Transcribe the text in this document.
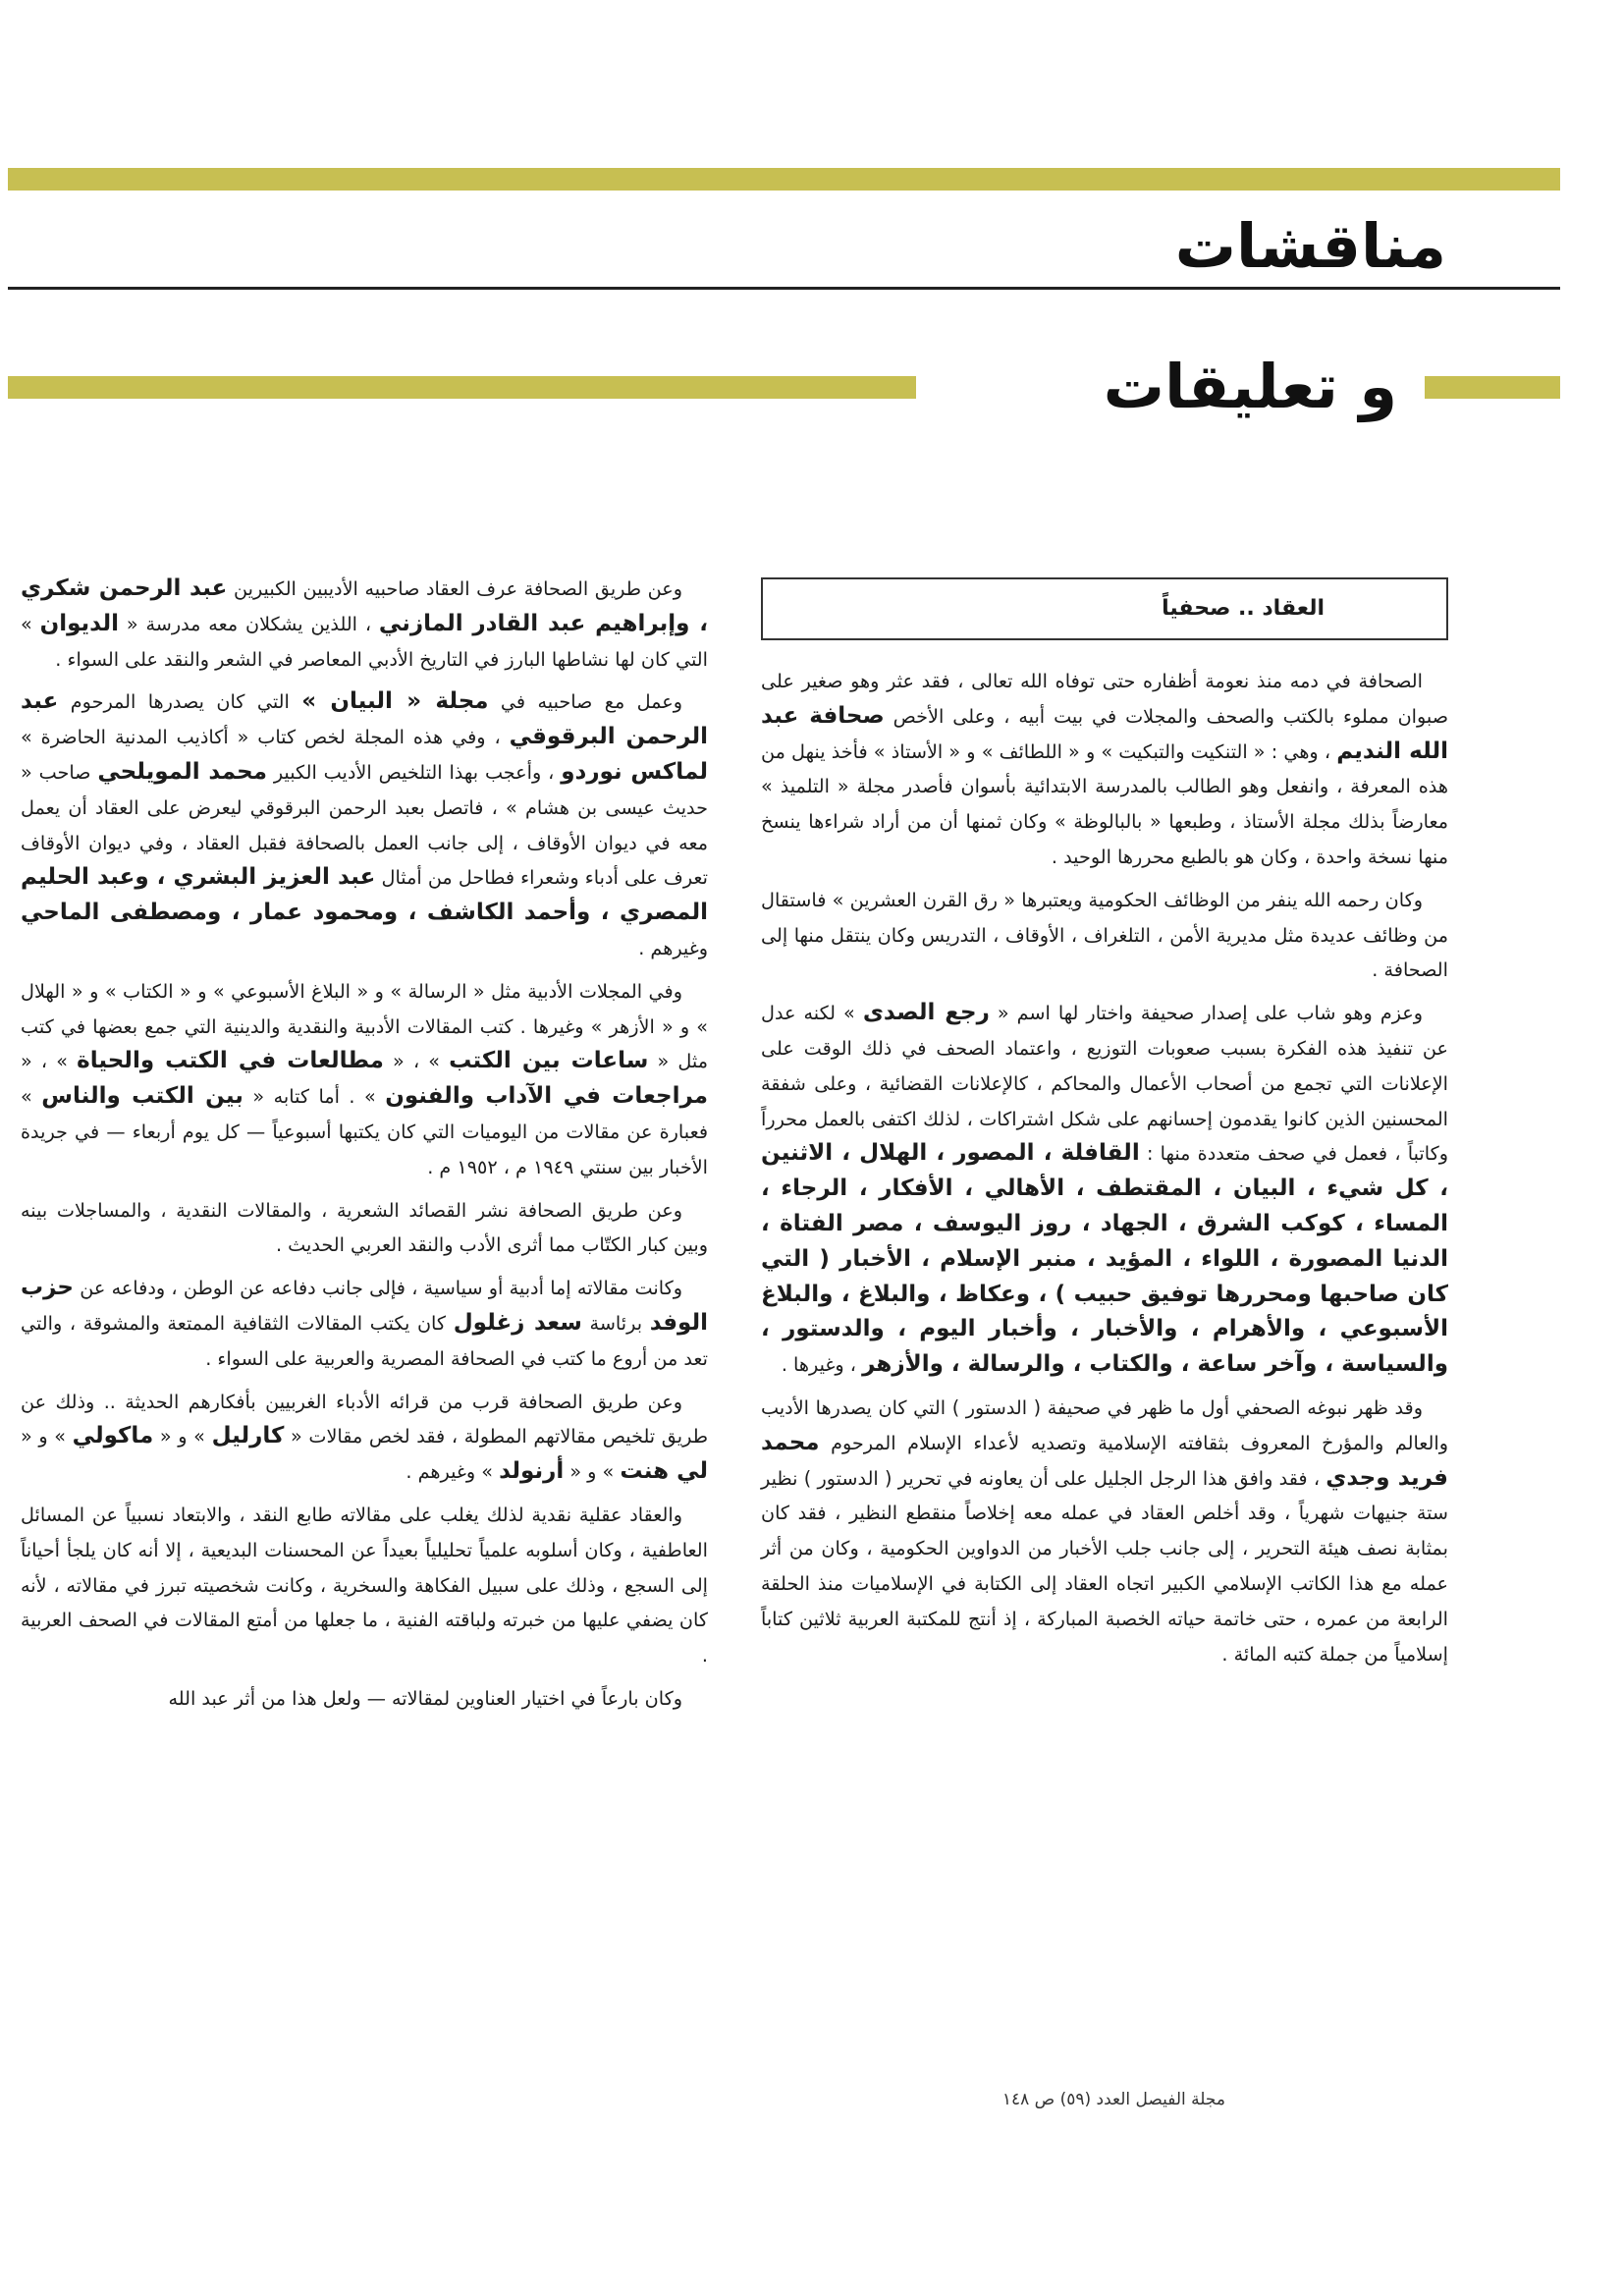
مناقشات
و تعليقات
العقاد .. صحفياً

الصحافة في دمه منذ نعومة أظفاره حتى توفاه الله تعالى ، فقد عثر وهو صغير على صبوان مملوء بالكتب والصحف والمجلات في بيت أبيه ، وعلى الأخص صحافة عبد الله النديم ، وهي : « التنكيت والتبكيت » و « اللطائف » و « الأستاذ » فأخذ ينهل من هذه المعرفة ، وانفعل وهو الطالب بالمدرسة الابتدائية بأسوان فأصدر مجلة « التلميذ » معارضاً بذلك مجلة الأستاذ ، وطبعها « بالبالوظة » وكان ثمنها أن من أراد شراءها ينسخ منها نسخة واحدة ، وكان هو بالطبع محررها الوحيد .

وكان رحمه الله ينفر من الوظائف الحكومية ويعتبرها « رق القرن العشرين » فاستقال من وظائف عديدة مثل مديرية الأمن ، التلغراف ، الأوقاف ، التدريس وكان ينتقل منها إلى الصحافة .

وعزم وهو شاب على إصدار صحيفة واختار لها اسم « رجع الصدى » لكنه عدل عن تنفيذ هذه الفكرة بسبب صعوبات التوزيع ، واعتماد الصحف في ذلك الوقت على الإعلانات التي تجمع من أصحاب الأعمال والمحاكم ، كالإعلانات القضائية ، وعلى شفقة المحسنين الذين كانوا يقدمون إحسانهم على شكل اشتراكات ، لذلك اكتفى بالعمل محرراً وكاتباً ، فعمل في صحف متعددة منها : القافلة ، المصور ، الهلال ، الاثنين ، كل شيء ، البيان ، المقتطف ، الأهالي ، الأفكار ، الرجاء ، المساء ، كوكب الشرق ، الجهاد ، روز اليوسف ، مصر الفتاة ، الدنيا المصورة ، اللواء ، المؤيد ، منبر الإسلام ، الأخبار ( التي كان صاحبها ومحررها توفيق حبيب ) ، وعكاظ ، والبلاغ ، والبلاغ الأسبوعي ، والأهرام ، والأخبار ، وأخبار اليوم ، والدستور ، والسياسة ، وآخر ساعة ، والكتاب ، والرسالة ، والأزهر ، وغيرها .

وقد ظهر نبوغه الصحفي أول ما ظهر في صحيفة ( الدستور ) التي كان يصدرها الأديب والعالم والمؤرخ المعروف بثقافته الإسلامية وتصديه لأعداء الإسلام المرحوم محمد فريد وجدي ، فقد وافق هذا الرجل الجليل على أن يعاونه في تحرير ( الدستور ) نظير ستة جنيهات شهرياً ، وقد أخلص العقاد في عمله معه إخلاصاً منقطع النظير ، فقد كان بمثابة نصف هيئة التحرير ، إلى جانب جلب الأخبار من الدواوين الحكومية ، وكان من أثر عمله مع هذا الكاتب الإسلامي الكبير اتجاه العقاد إلى الكتابة في الإسلاميات منذ الحلقة الرابعة من عمره ، حتى خاتمة حياته الخصبة المباركة ، إذ أنتج للمكتبة العربية ثلاثين كتاباً إسلامياً من جملة كتبه المائة .

وعن طريق الصحافة عرف العقاد صاحبيه الأديبين الكبيرين عبد الرحمن شكري ، وإبراهيم عبد القادر المازني ، اللذين يشكلان معه مدرسة « الديوان » التي كان لها نشاطها البارز في التاريخ الأدبي المعاصر في الشعر والنقد على السواء .

وعمل مع صاحبيه في مجلة « البيان » التي كان يصدرها المرحوم عبد الرحمن البرقوقي ، وفي هذه المجلة لخص كتاب « أكاذيب المدنية الحاضرة » لماكس نوردو ، وأعجب بهذا التلخيص الأديب الكبير محمد المويلحي صاحب « حديث عيسى بن هشام » ، فاتصل بعبد الرحمن البرقوقي ليعرض على العقاد أن يعمل معه في ديوان الأوقاف ، إلى جانب العمل بالصحافة فقبل العقاد ، وفي ديوان الأوقاف تعرف على أدباء وشعراء فطاحل من أمثال عبد العزيز البشري ، وعبد الحليم المصري ، وأحمد الكاشف ، ومحمود عمار ، ومصطفى الماحي وغيرهم .

وفي المجلات الأدبية مثل « الرسالة » و « البلاغ الأسبوعي » و « الكتاب » و « الهلال » و « الأزهر » وغيرها . كتب المقالات الأدبية والنقدية والدينية التي جمع بعضها في كتب مثل « ساعات بين الكتب » ، « مطالعات في الكتب والحياة » ، « مراجعات في الآداب والفنون » . أما كتابه « بين الكتب والناس » فعبارة عن مقالات من اليوميات التي كان يكتبها أسبوعياً — كل يوم أربعاء — في جريدة الأخبار بين سنتي ١٩٤٩ م ، ١٩٥٢ م .

وعن طريق الصحافة نشر القصائد الشعرية ، والمقالات النقدية ، والمساجلات بينه وبين كبار الكتّاب مما أثرى الأدب والنقد العربي الحديث .

وكانت مقالاته إما أدبية أو سياسية ، فإلى جانب دفاعه عن الوطن ، ودفاعه عن حزب الوفد برئاسة سعد زغلول كان يكتب المقالات الثقافية الممتعة والمشوقة ، والتي تعد من أروع ما كتب في الصحافة المصرية والعربية على السواء .

وعن طريق الصحافة قرب من قرائه الأدباء الغربيين بأفكارهم الحديثة .. وذلك عن طريق تلخيص مقالاتهم المطولة ، فقد لخص مقالات « كارليل » و « ماكولي » و « لي هنت » و « أرنولد » وغيرهم .

والعقاد عقلية نقدية لذلك يغلب على مقالاته طابع النقد ، والابتعاد نسبياً عن المسائل العاطفية ، وكان أسلوبه علمياً تحليلياً بعيداً عن المحسنات البديعية ، إلا أنه كان يلجأ أحياناً إلى السجع ، وذلك على سبيل الفكاهة والسخرية ، وكانت شخصيته تبرز في مقالاته ، لأنه كان يضفي عليها من خبرته ولباقته الفنية ، ما جعلها من أمتع المقالات في الصحف العربية .

وكان بارعاً في اختيار العناوين لمقالاته — ولعل هذا من أثر عبد الله

مجلة الفيصل العدد (٥٩) ص ١٤٨
